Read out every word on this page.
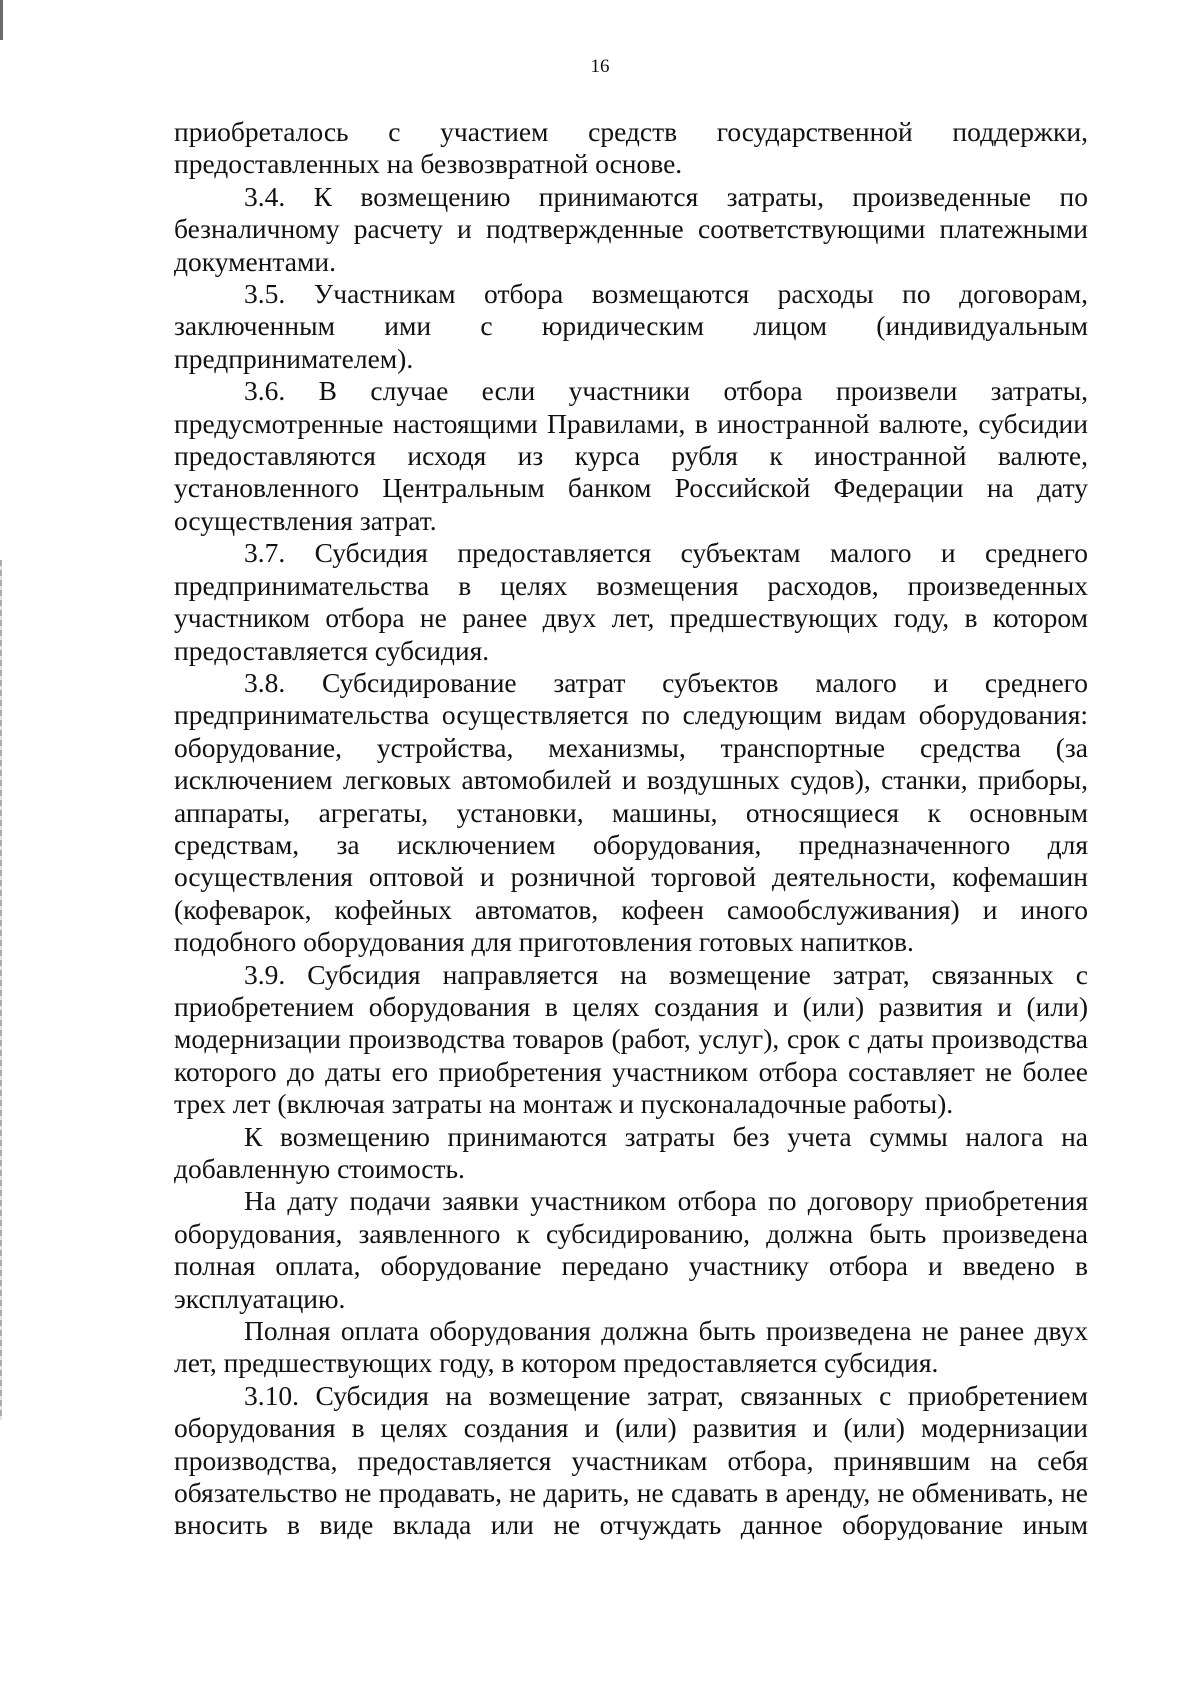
16

приобреталось с участием средств государственной поддержки, предоставленных на безвозвратной основе.

3.4. К возмещению принимаются затраты, произведенные по безналичному расчету и подтвержденные соответствующими платежными документами.

3.5. Участникам отбора возмещаются расходы по договорам, заключенным ими с юридическим лицом (индивидуальным предпринимателем).

3.6. В случае если участники отбора произвели затраты, предусмотренные настоящими Правилами, в иностранной валюте, субсидии предоставляются исходя из курса рубля к иностранной валюте, установленного Центральным банком Российской Федерации на дату осуществления затрат.

3.7. Субсидия предоставляется субъектам малого и среднего предпринимательства в целях возмещения расходов, произведенных участником отбора не ранее двух лет, предшествующих году, в котором предоставляется субсидия.

3.8. Субсидирование затрат субъектов малого и среднего предпринимательства осуществляется по следующим видам оборудования: оборудование, устройства, механизмы, транспортные средства (за исключением легковых автомобилей и воздушных судов), станки, приборы, аппараты, агрегаты, установки, машины, относящиеся к основным средствам, за исключением оборудования, предназначенного для осуществления оптовой и розничной торговой деятельности, кофемашин (кофеварок, кофейных автоматов, кофеен самообслуживания) и иного подобного оборудования для приготовления готовых напитков.

3.9. Субсидия направляется на возмещение затрат, связанных с приобретением оборудования в целях создания и (или) развития и (или) модернизации производства товаров (работ, услуг), срок с даты производства которого до даты его приобретения участником отбора составляет не более трех лет (включая затраты на монтаж и пусконаладочные работы).

К возмещению принимаются затраты без учета суммы налога на добавленную стоимость.

На дату подачи заявки участником отбора по договору приобретения оборудования, заявленного к субсидированию, должна быть произведена полная оплата, оборудование передано участнику отбора и введено в эксплуатацию.

Полная оплата оборудования должна быть произведена не ранее двух лет, предшествующих году, в котором предоставляется субсидия.

3.10. Субсидия на возмещение затрат, связанных с приобретением оборудования в целях создания и (или) развития и (или) модернизации производства, предоставляется участникам отбора, принявшим на себя обязательство не продавать, не дарить, не сдавать в аренду, не обменивать, не вносить в виде вклада или не отчуждать данное оборудование иным
